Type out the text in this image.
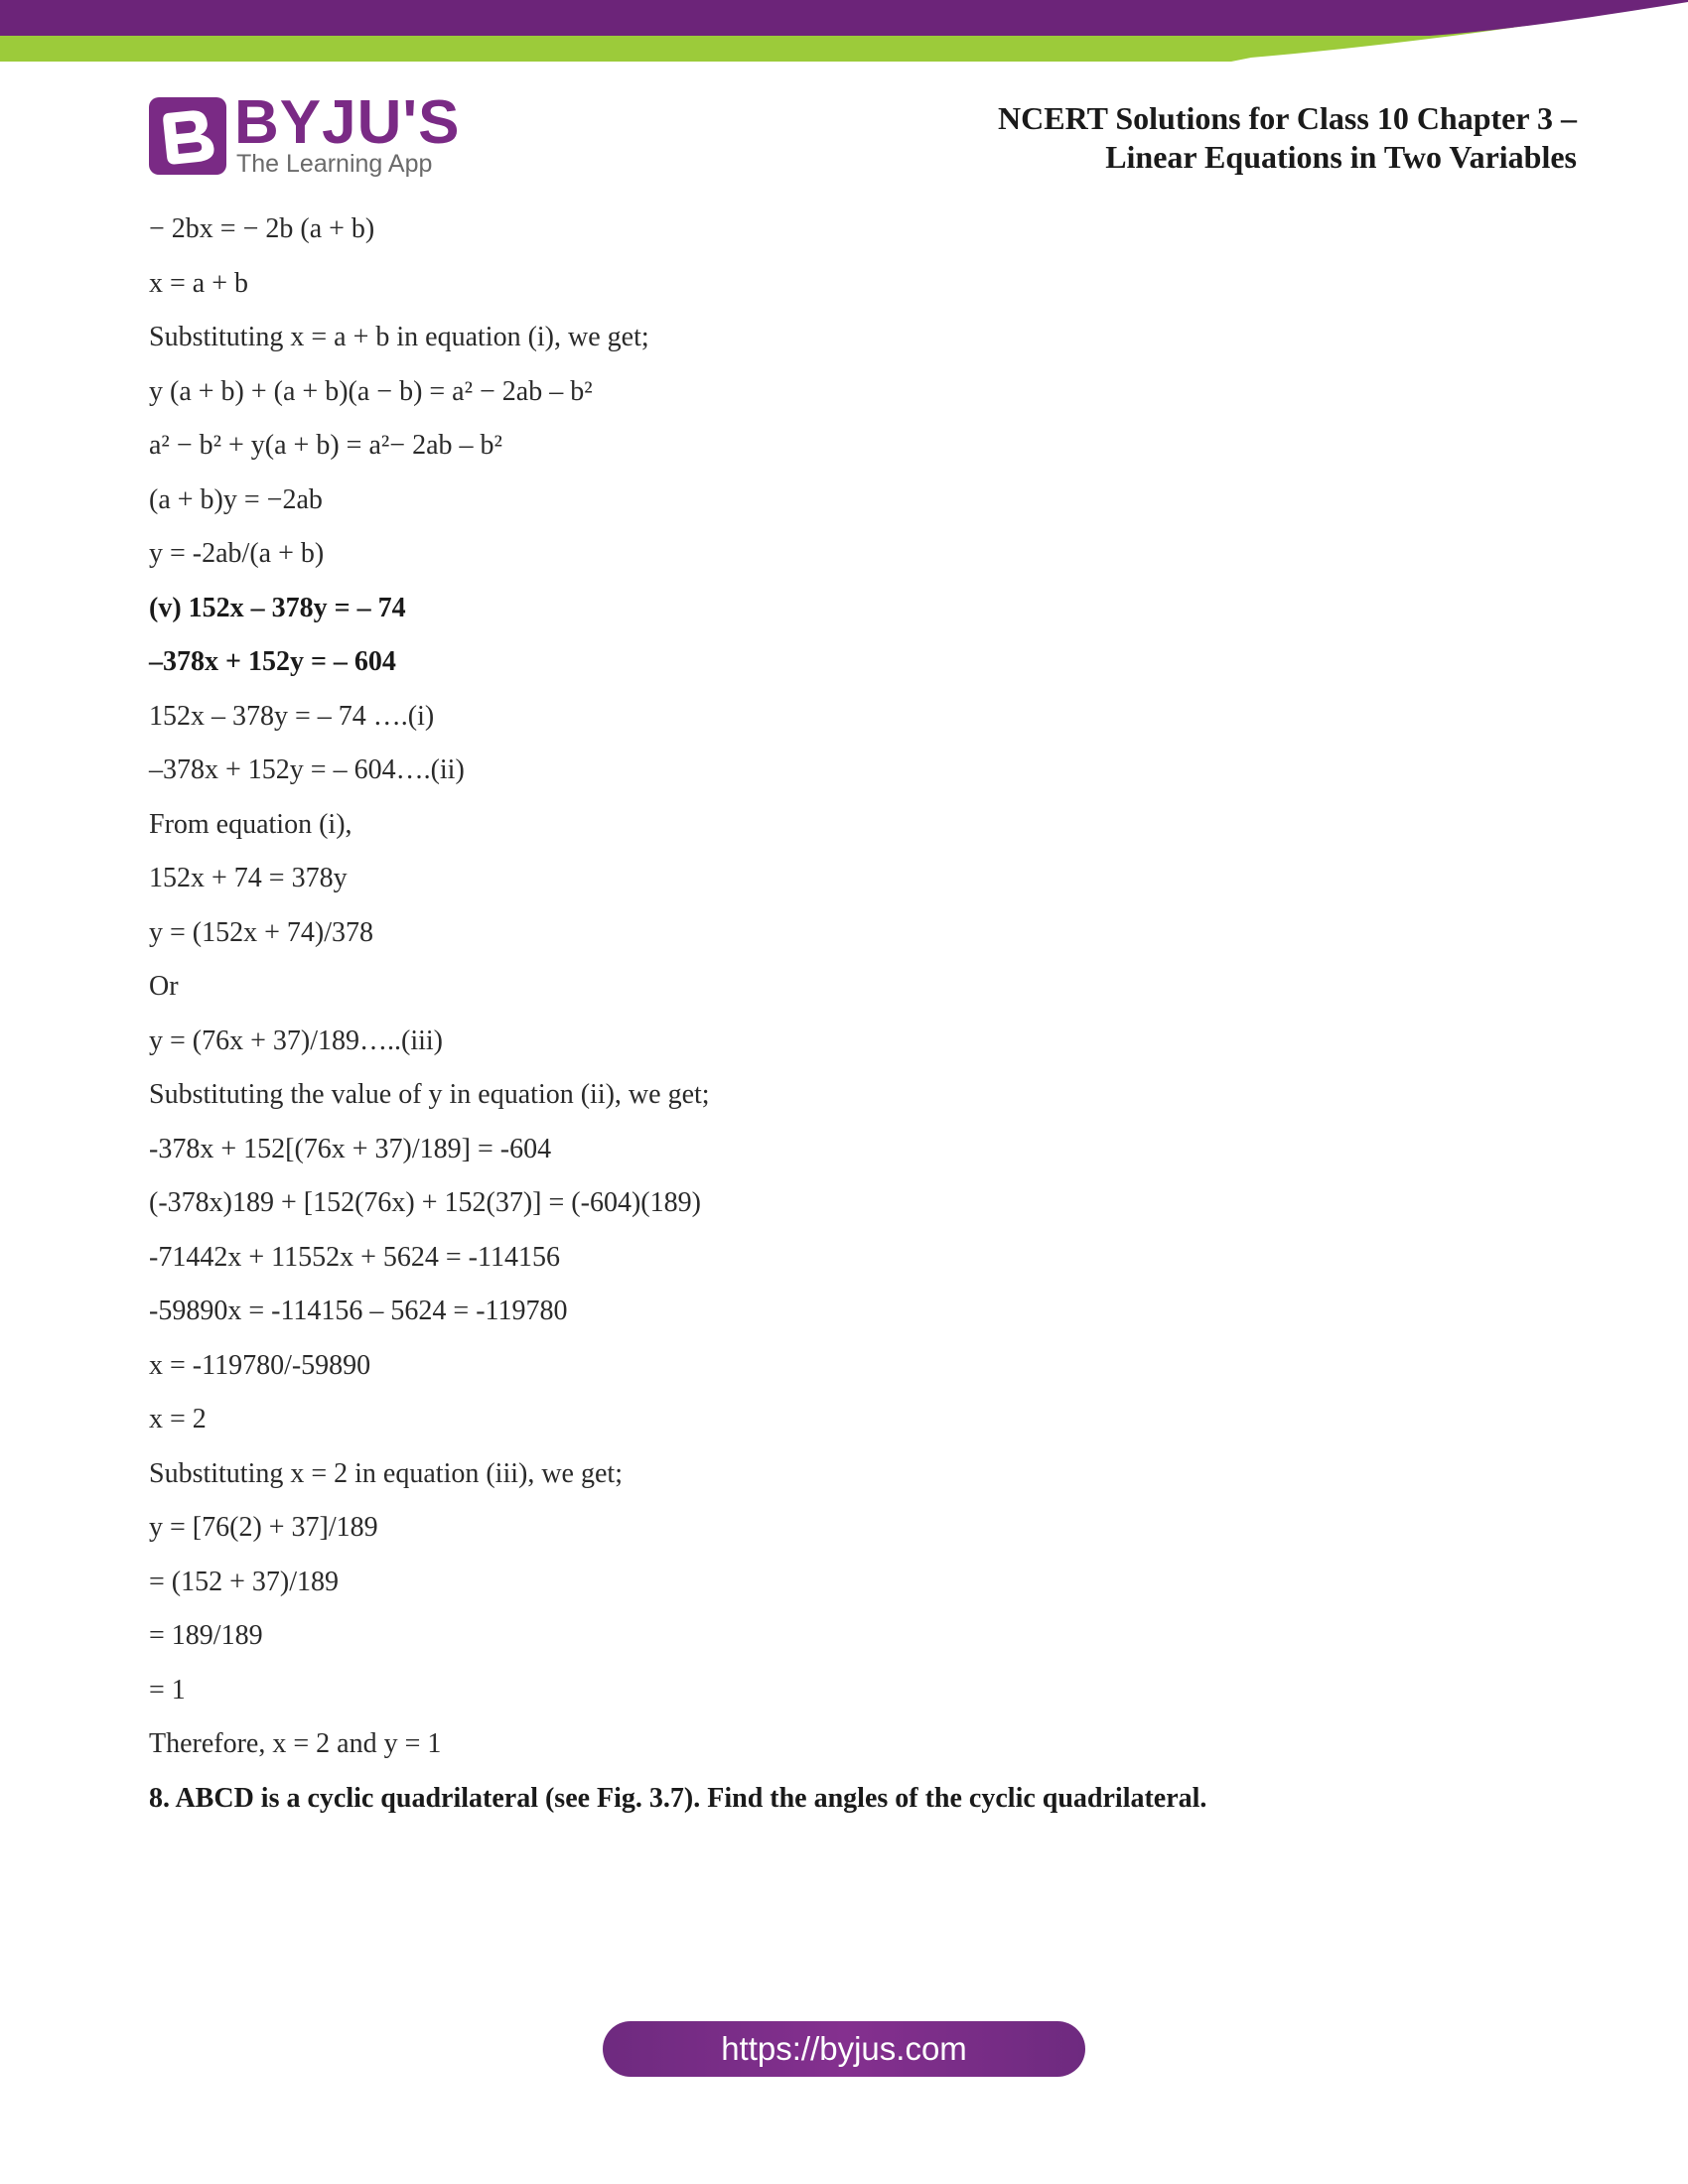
BYJU'S
The Learning App
NCERT Solutions for Class 10 Chapter 3 –
Linear Equations in Two Variables
− 2bx = − 2b (a + b)
x = a + b
Substituting x = a + b in equation (i), we get;
y (a + b) + (a + b)(a − b) = a² − 2ab – b²
a² − b² + y(a + b) = a²− 2ab – b²
(a + b)y = −2ab
y = -2ab/(a + b)
(v) 152x – 378y = – 74
–378x + 152y = – 604
152x – 378y = – 74 ….(i)
–378x + 152y = – 604….(ii)
From equation (i),
152x + 74 = 378y
y = (152x + 74)/378
Or
y = (76x + 37)/189…..(iii)
Substituting the value of y in equation (ii), we get;
-378x + 152[(76x + 37)/189] = -604
(-378x)189 + [152(76x) + 152(37)] = (-604)(189)
-71442x + 11552x + 5624 = -114156
-59890x = -114156 – 5624 = -119780
x = -119780/-59890
x = 2
Substituting x = 2 in equation (iii), we get;
y = [76(2) + 37]/189
= (152 + 37)/189
= 189/189
= 1
Therefore, x = 2 and y = 1
8. ABCD is a cyclic quadrilateral (see Fig. 3.7). Find the angles of the cyclic quadrilateral.
https://byjus.com
